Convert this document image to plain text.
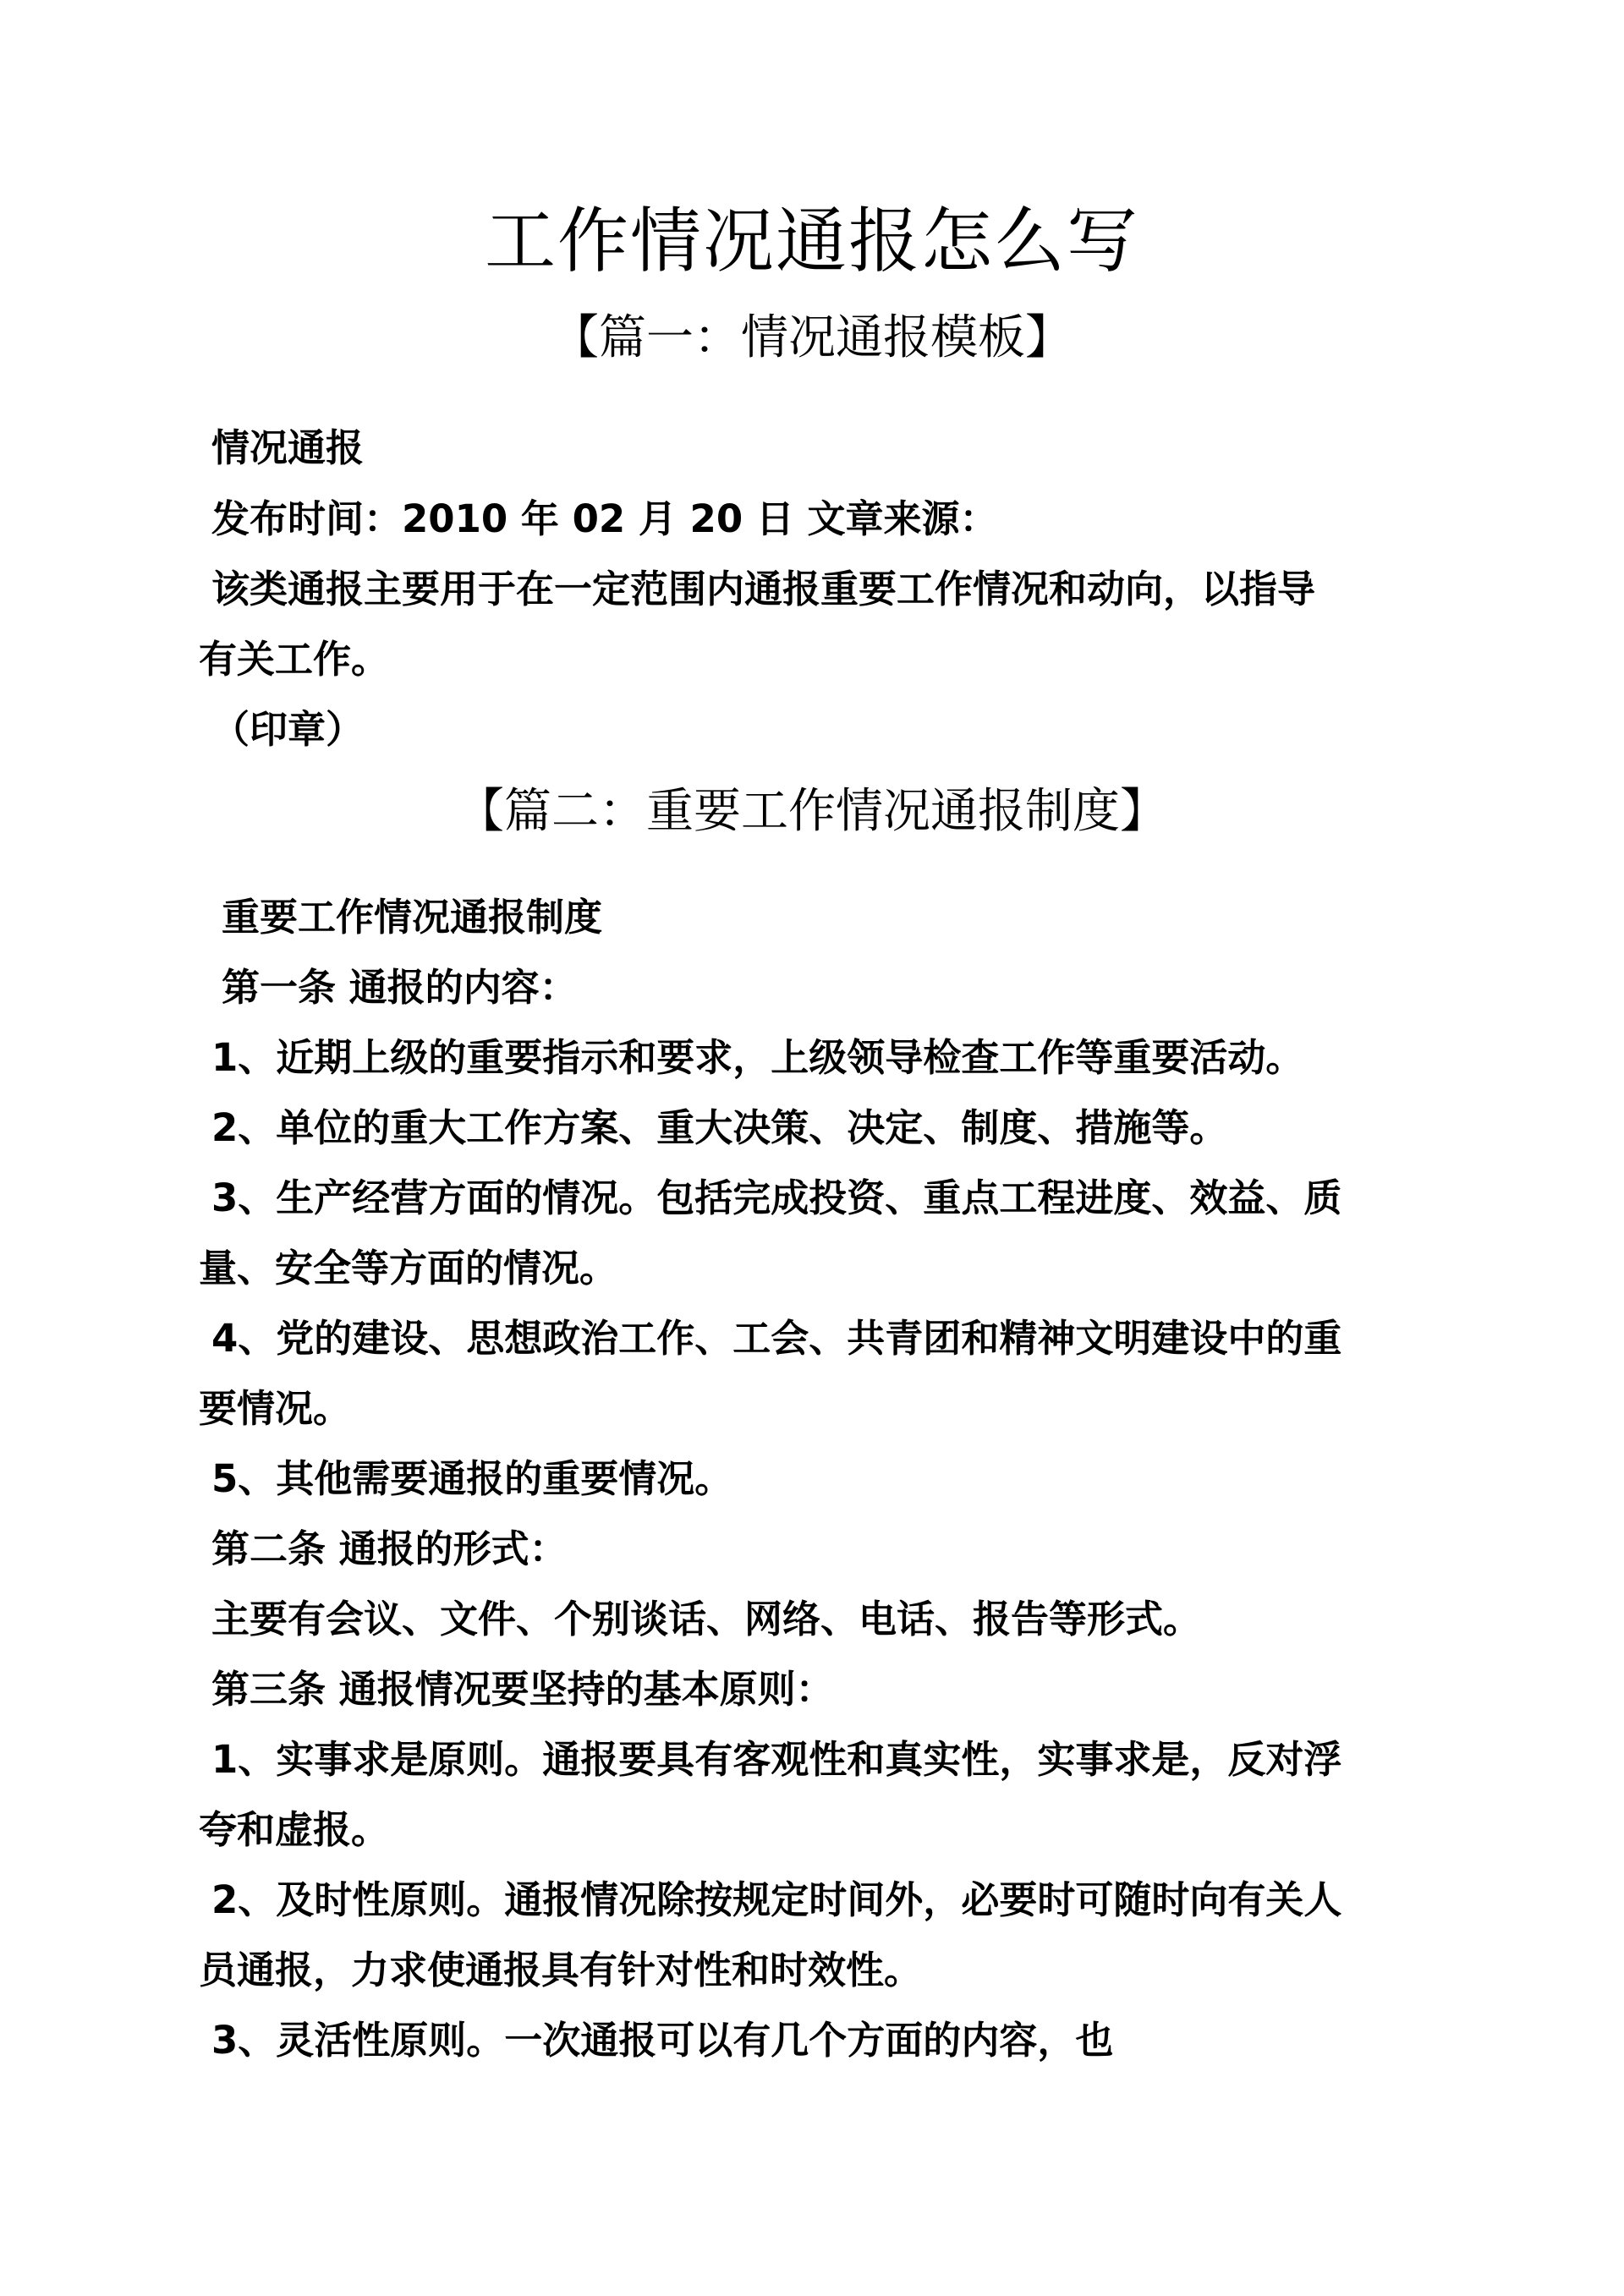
工作情况通报怎么写
【篇一：情况通报模板】
情况通报
发布时间：2010 年 02 月 20 日 文章来源：
该类通报主要用于在一定范围内通报重要工作情况和动向，以指导
有关工作。
（印章）
【篇二：重要工作情况通报制度】
重要工作情况通报制度
第一条 通报的内容：
1、近期上级的重要指示和要求，上级领导检查工作等重要活动。
2、单位的重大工作方案、重大决策、决定、制度、措施等。
3、生产经营方面的情况。包括完成投资、重点工程进度、效益、质
量、安全等方面的情况。
4、党的建设、思想政治工作、工会、共青团和精神文明建设中的重
要情况。
5、其他需要通报的重要情况。
第二条 通报的形式：
主要有会议、文件、个别谈话、网络、电话、报告等形式。
第三条 通报情况要坚持的基本原则：
1、实事求是原则。通报要具有客观性和真实性，实事求是，反对浮
夸和虚报。
2、及时性原则。通报情况除按规定时间外，必要时可随时向有关人
员通报，力求使通报具有针对性和时效性。
3、灵活性原则。一次通报可以有几个方面的内容，也
